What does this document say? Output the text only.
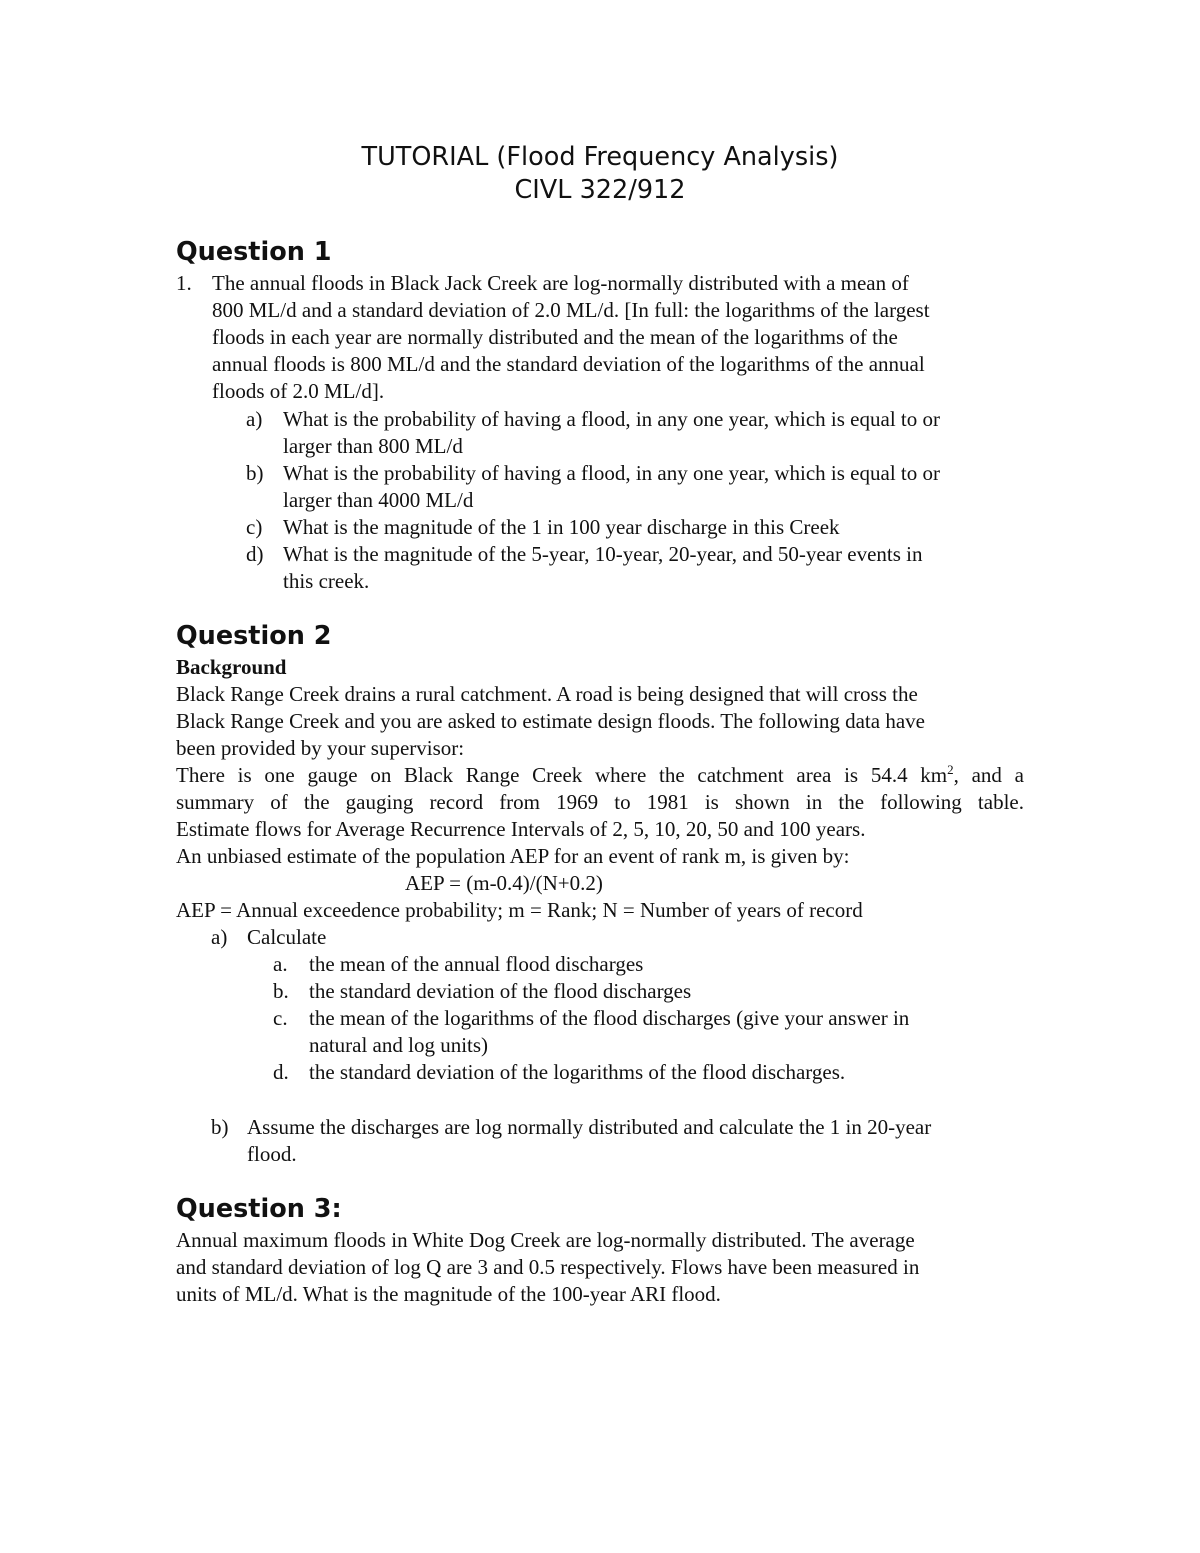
TUTORIAL (Flood Frequency Analysis)
CIVL 322/912
Question 1
1. The annual floods in Black Jack Creek are log-normally distributed with a mean of
800 ML/d and a standard deviation of 2.0 ML/d. [In full: the logarithms of the largest
floods in each year are normally distributed and the mean of the logarithms of the
annual floods is 800 ML/d and the standard deviation of the logarithms of the annual
floods of 2.0 ML/d].
a) What is the probability of having a flood, in any one year, which is equal to or
larger than 800 ML/d
b) What is the probability of having a flood, in any one year, which is equal to or
larger than 4000 ML/d
c) What is the magnitude of the 1 in 100 year discharge in this Creek
d) What is the magnitude of the 5-year, 10-year, 20-year, and 50-year events in
this creek.
Question 2
Background
Black Range Creek drains a rural catchment. A road is being designed that will cross the
Black Range Creek and you are asked to estimate design floods. The following data have
been provided by your supervisor:
There is one gauge on Black Range Creek where the catchment area is 54.4 $km^2$, and a
summary of the gauging record from 1969 to 1981 is shown in the following table.
Estimate flows for Average Recurrence Intervals of 2, 5, 10, 20, 50 and 100 years.
An unbiased estimate of the population AEP for an event of rank m, is given by:
AEP = (m-0.4)/(N+0.2)
AEP = Annual exceedence probability; m = Rank; N = Number of years of record
a) Calculate
a. the mean of the annual flood discharges
b. the standard deviation of the flood discharges
c. the mean of the logarithms of the flood discharges (give your answer in
natural and log units)
d. the standard deviation of the logarithms of the flood discharges.
b) Assume the discharges are log normally distributed and calculate the 1 in 20-year
flood.
Question 3:
Annual maximum floods in White Dog Creek are log-normally distributed. The average
and standard deviation of log Q are 3 and 0.5 respectively. Flows have been measured in
units of ML/d. What is the magnitude of the 100-year ARI flood.
